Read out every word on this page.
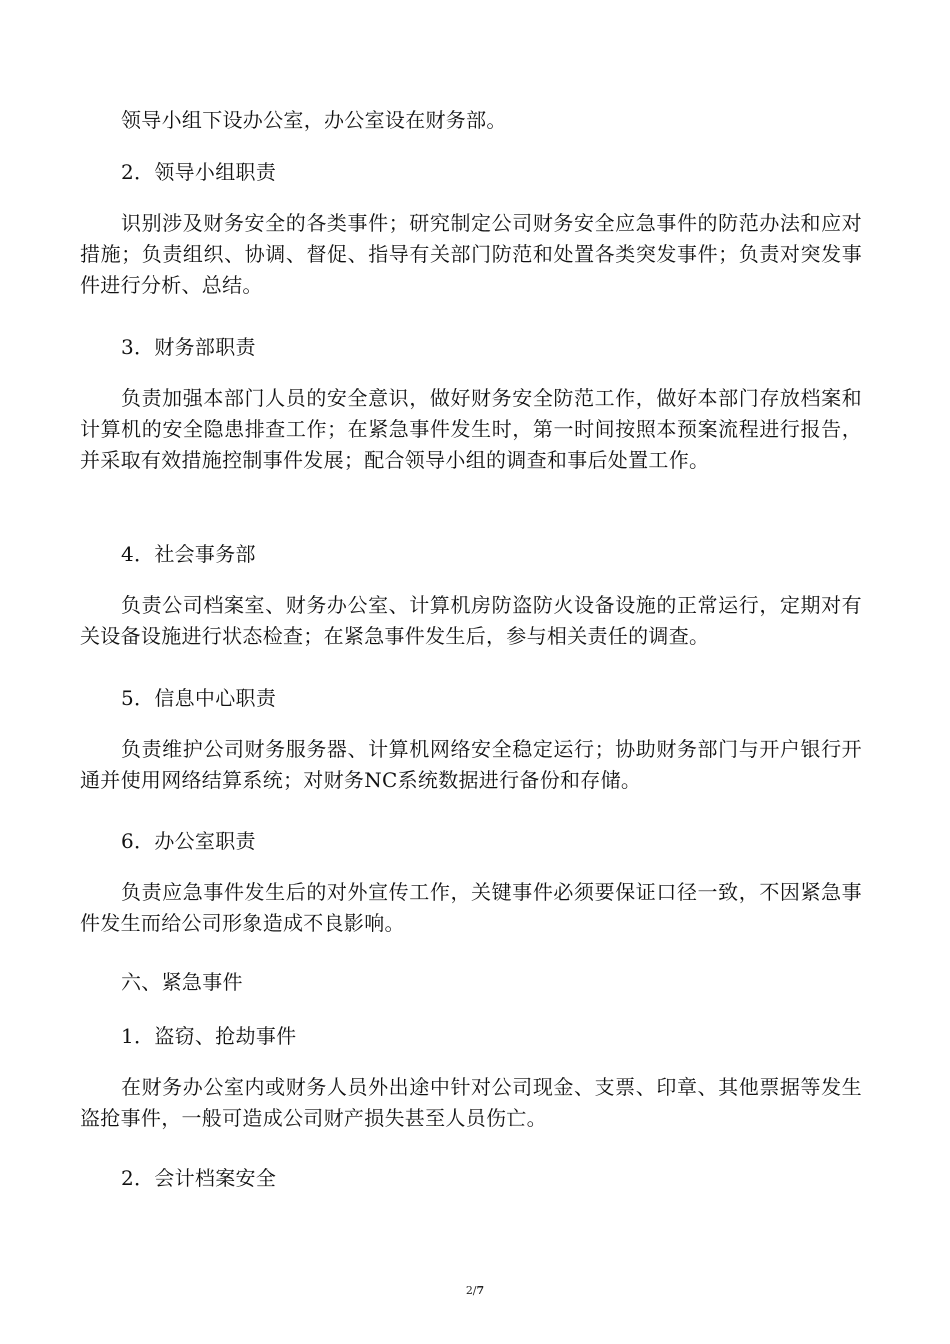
领导小组下设办公室，办公室设在财务部。

2．领导小组职责

识别涉及财务安全的各类事件；研究制定公司财务安全应急事件的防范办法和应对措施；负责组织、协调、督促、指导有关部门防范和处置各类突发事件；负责对突发事件进行分析、总结。

3．财务部职责

负责加强本部门人员的安全意识，做好财务安全防范工作，做好本部门存放档案和计算机的安全隐患排查工作；在紧急事件发生时，第一时间按照本预案流程进行报告，并采取有效措施控制事件发展；配合领导小组的调查和事后处置工作。

4．社会事务部

负责公司档案室、财务办公室、计算机房防盗防火设备设施的正常运行，定期对有关设备设施进行状态检查；在紧急事件发生后，参与相关责任的调查。

5．信息中心职责

负责维护公司财务服务器、计算机网络安全稳定运行；协助财务部门与开户银行开通并使用网络结算系统；对财务NC系统数据进行备份和存储。

6．办公室职责

负责应急事件发生后的对外宣传工作，关键事件必须要保证口径一致，不因紧急事件发生而给公司形象造成不良影响。

六、紧急事件

1．盗窃、抢劫事件

在财务办公室内或财务人员外出途中针对公司现金、支票、印章、其他票据等发生盗抢事件，一般可造成公司财产损失甚至人员伤亡。

2．会计档案安全

2/7
